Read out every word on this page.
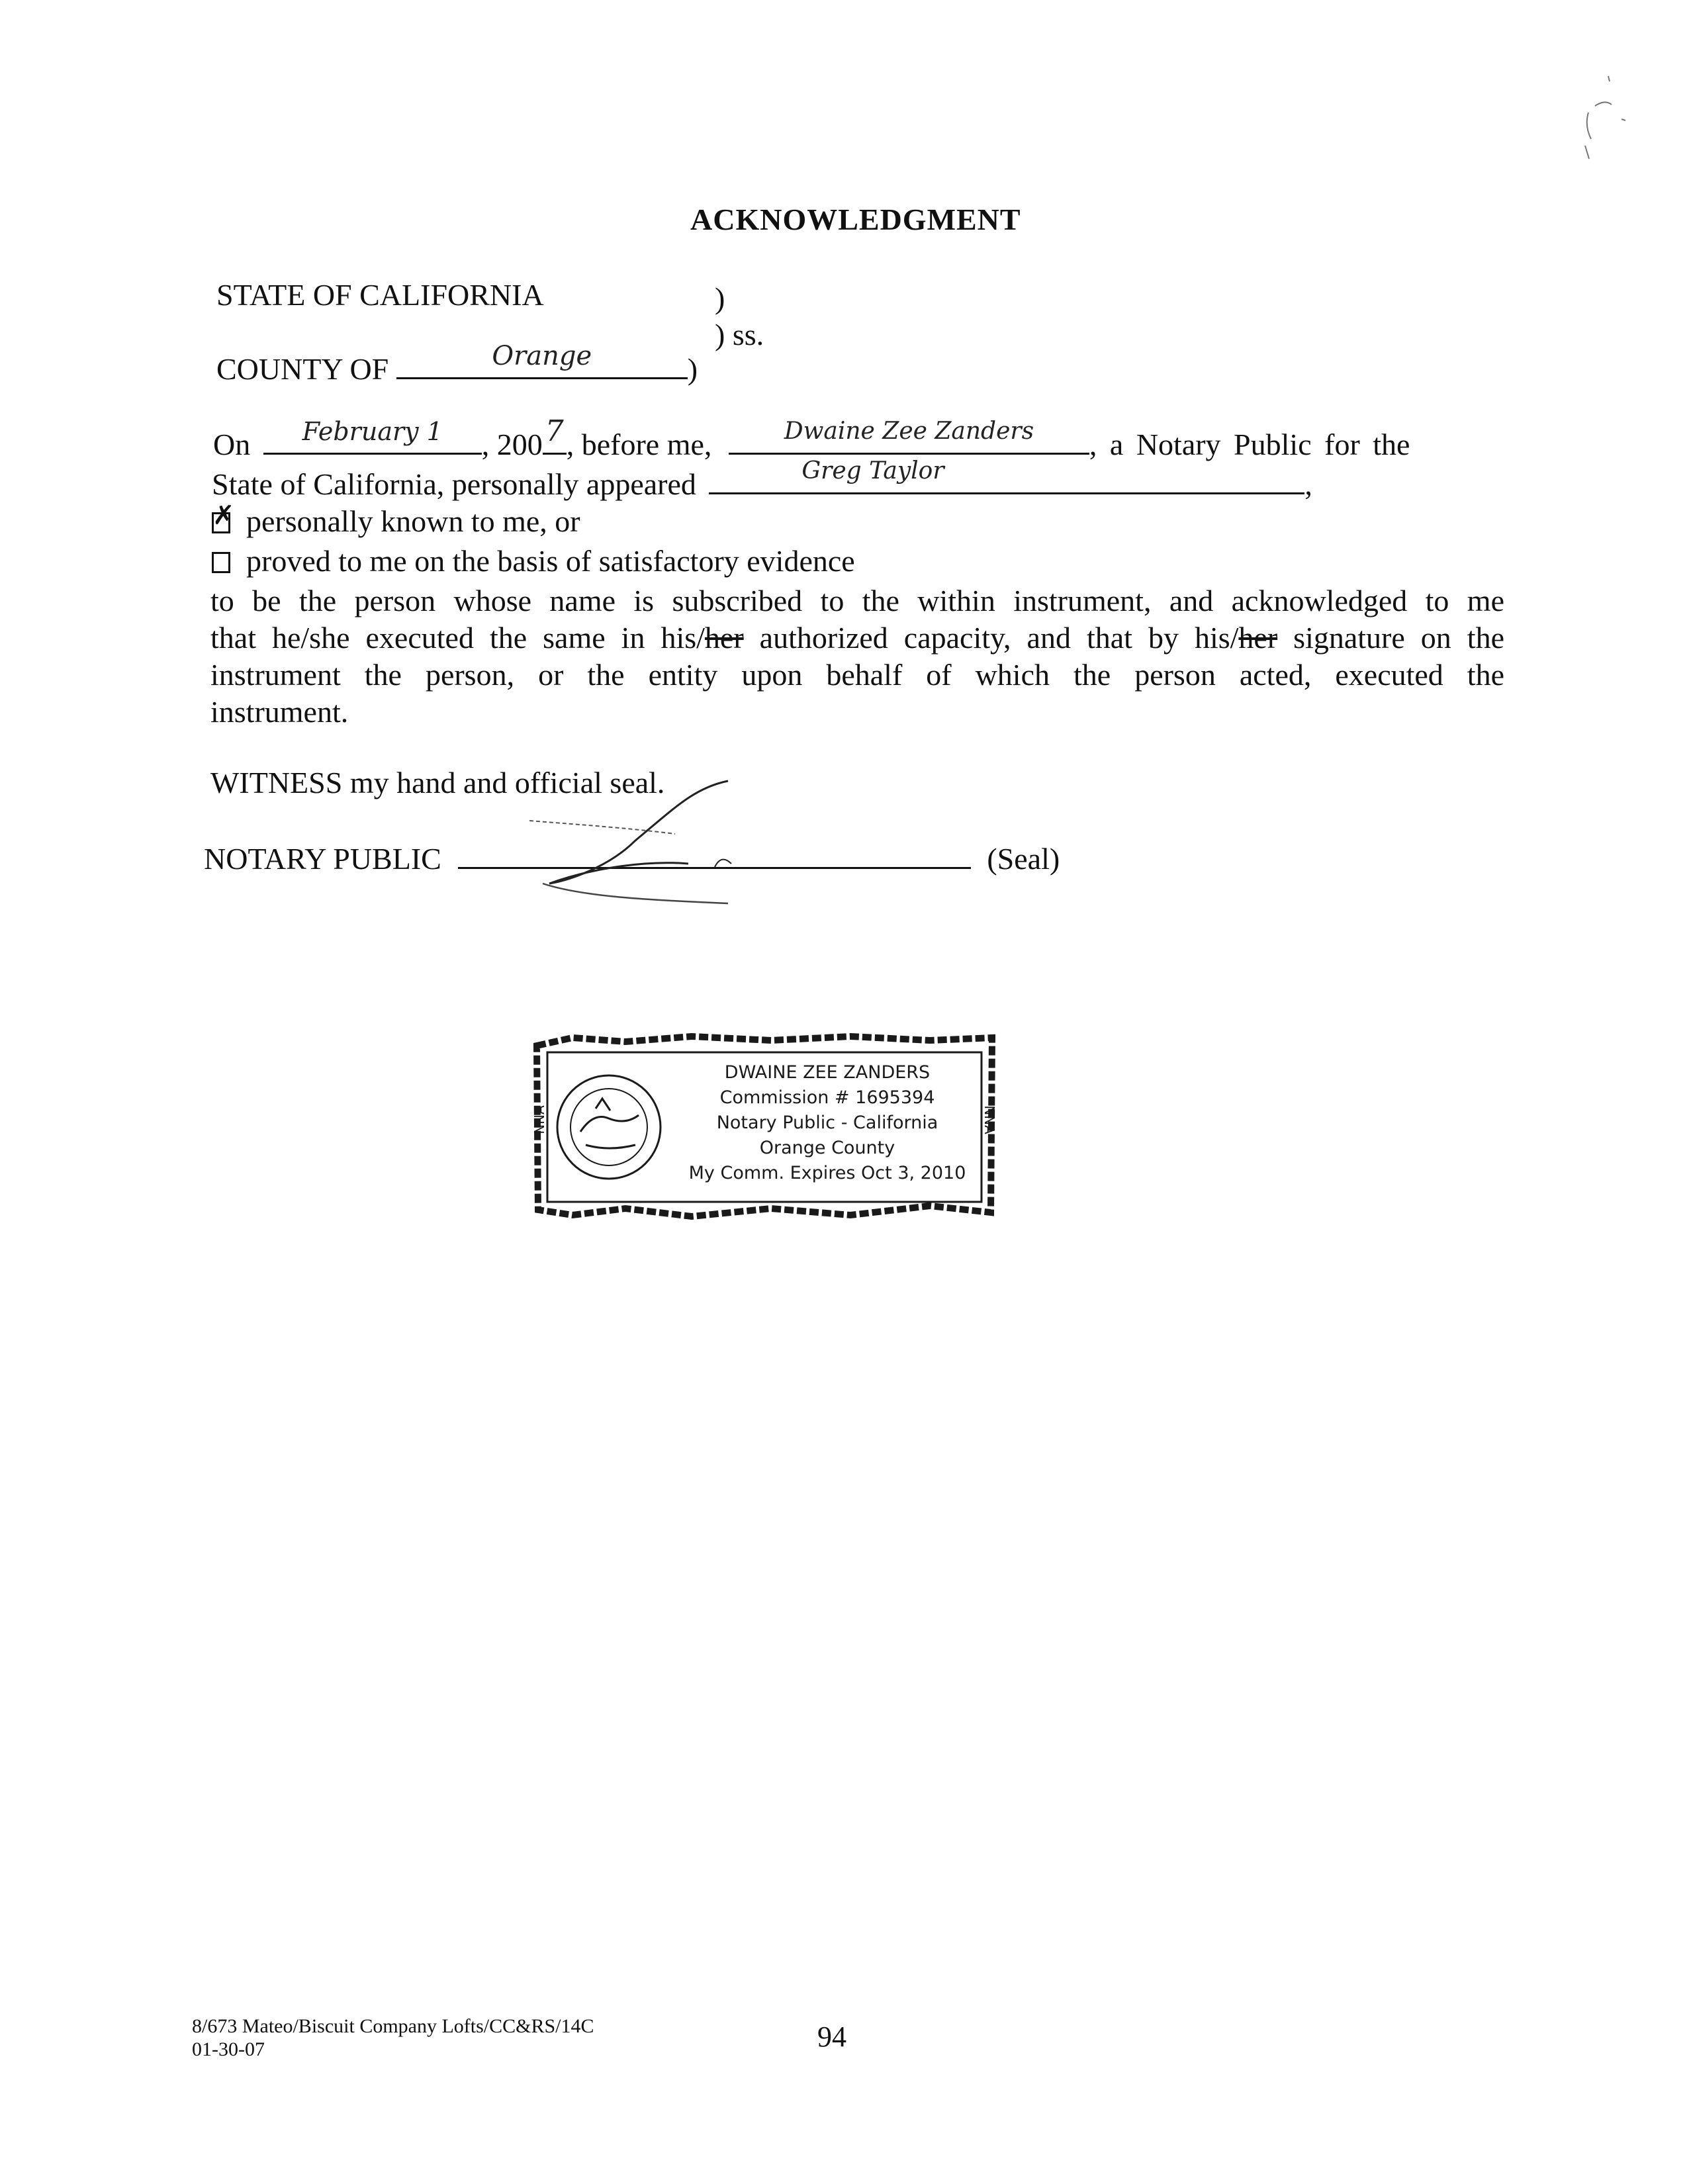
ACKNOWLEDGMENT
STATE OF CALIFORNIA	)
) ss.
COUNTY OF	Orange	)
On	February 1	, 200 7 , before me,	Dwaine Zee Zanders	, a Notary Public for the
State of California, personally appeared	Greg Taylor	,
✗ personally known to me, or
proved to me on the basis of satisfactory evidence

to be the person whose name is subscribed to the within instrument, and acknowledged to me

that he/she executed the same in his/her authorized capacity, and that by his/her signature on the

instrument the person, or the entity upon behalf of which the person acted, executed the

instrument.

WITNESS my hand and official seal.
NOTARY PUBLIC	(Seal)
NNA	NNA
DWAINE ZEE ZANDERS
Commission # 1695394
Notary Public - California
Orange County
My Comm. Expires Oct 3, 2010
8/673 Mateo/Biscuit Company Lofts/CC&RS/14C
01-30-07	94
